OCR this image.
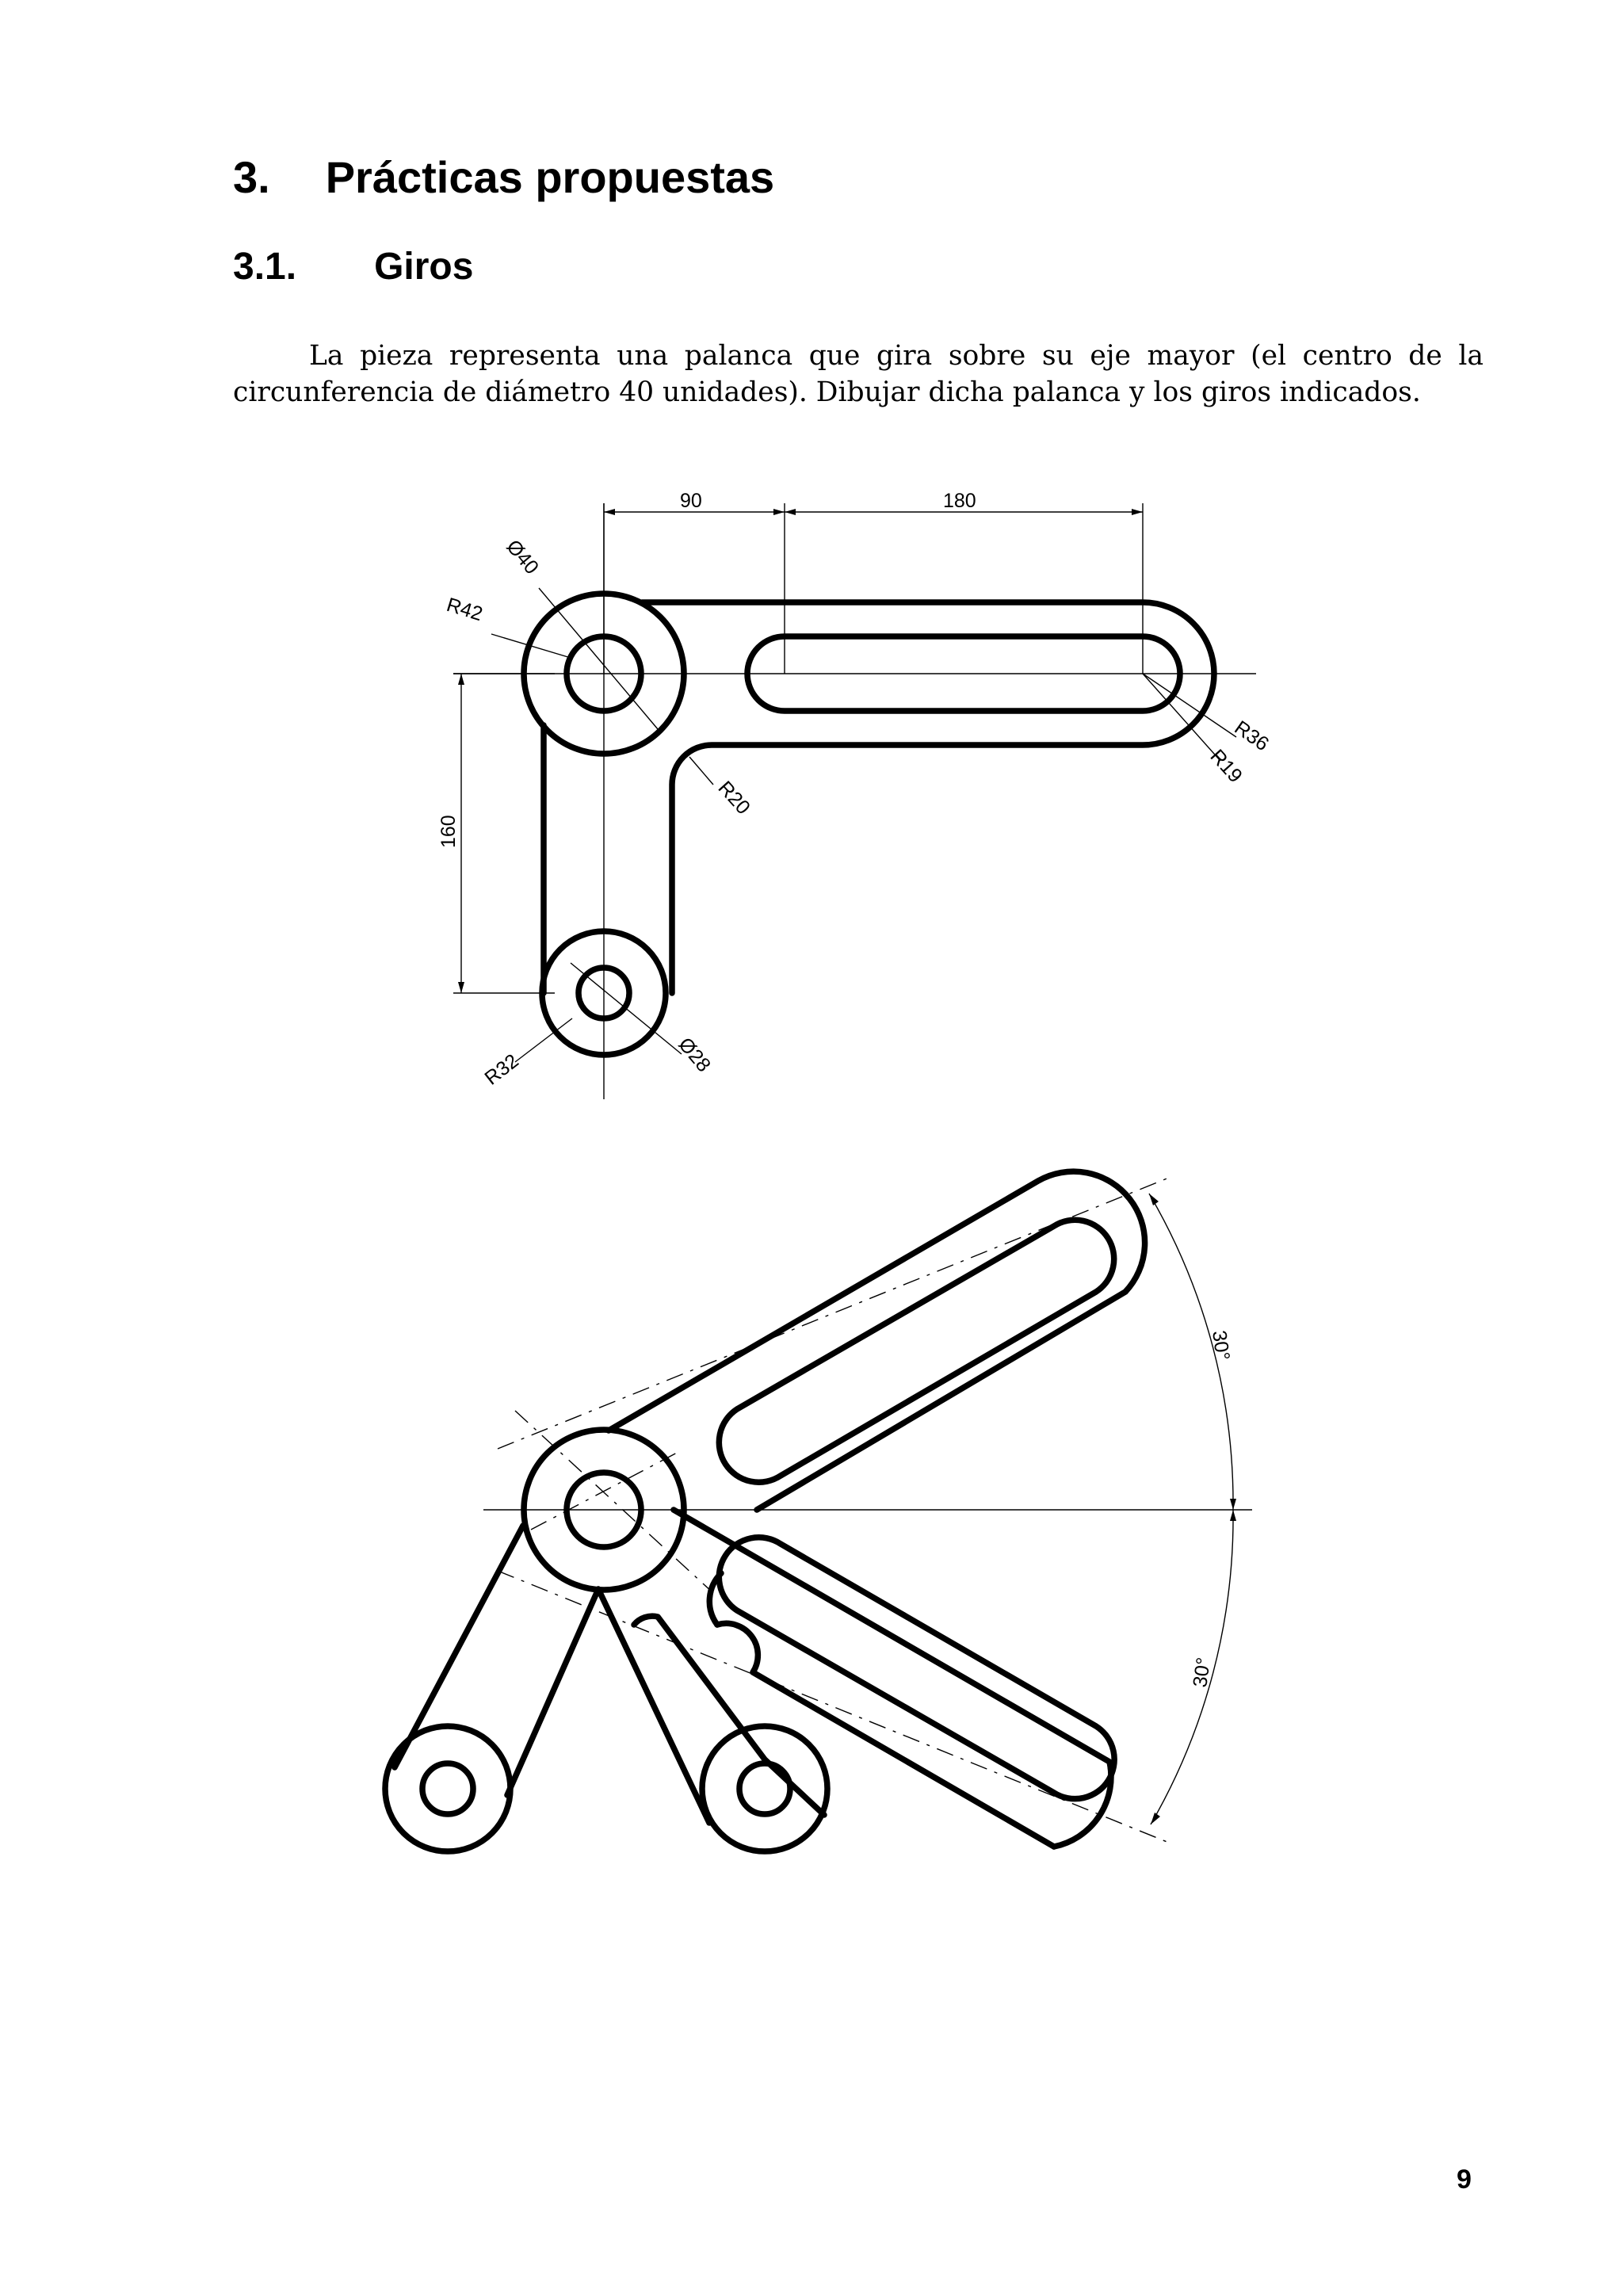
3. Prácticas propuestas
3.1. Giros

La pieza representa una palanca que gira sobre su eje mayor (el centro de la circunferencia de diámetro 40 unidades). Dibujar dicha palanca y los giros indicados.

90	180
160
Ø40
R42
R36
R19
R20
R32	Ø28
30°
30°
9
